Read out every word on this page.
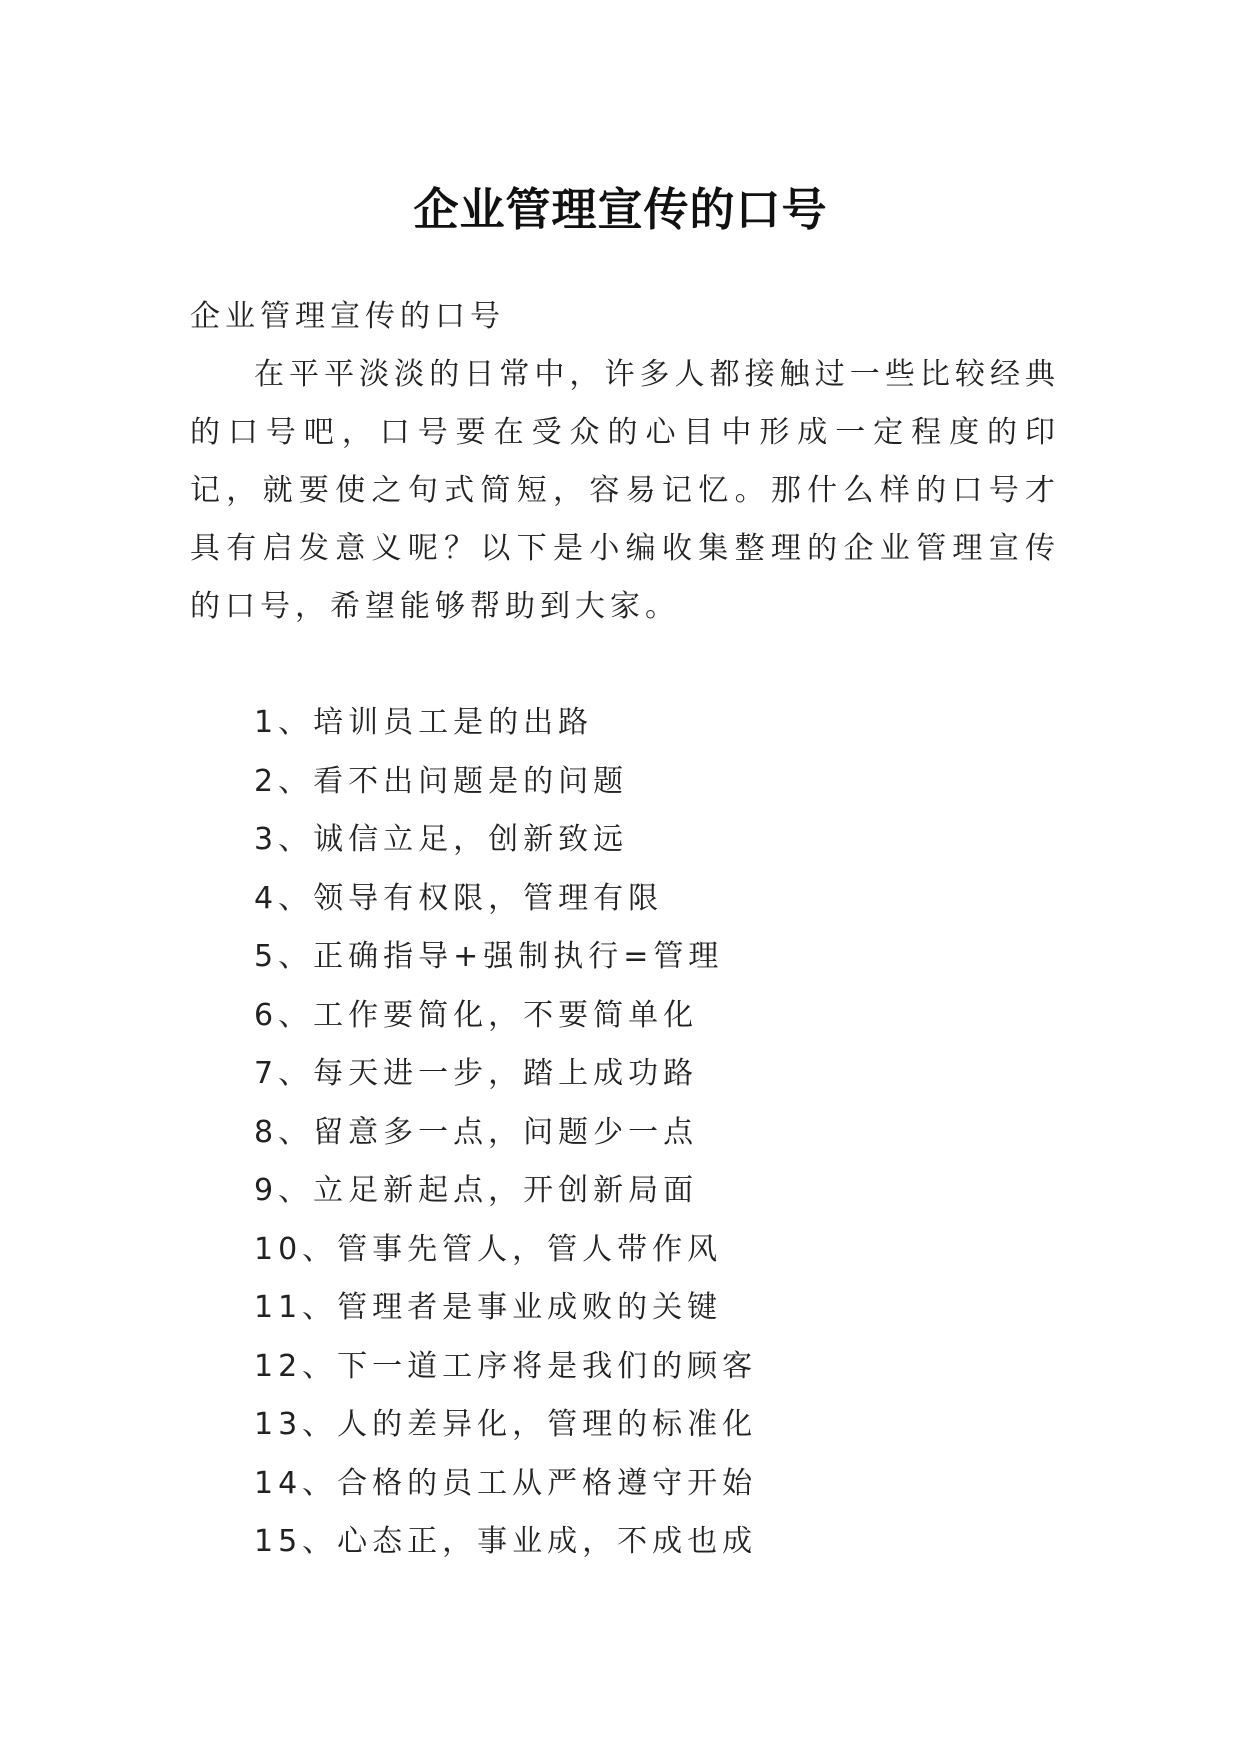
企业管理宣传的口号

企业管理宣传的口号

在平平淡淡的日常中，许多人都接触过一些比较经典的口号吧，口号要在受众的心目中形成一定程度的印记，就要使之句式简短，容易记忆。那什么样的口号才具有启发意义呢？以下是小编收集整理的企业管理宣传的口号，希望能够帮助到大家。

1、培训员工是的出路
2、看不出问题是的问题
3、诚信立足，创新致远
4、领导有权限，管理有限
5、正确指导+强制执行=管理
6、工作要简化，不要简单化
7、每天进一步，踏上成功路
8、留意多一点，问题少一点
9、立足新起点，开创新局面
10、管事先管人，管人带作风
11、管理者是事业成败的关键
12、下一道工序将是我们的顾客
13、人的差异化，管理的标准化
14、合格的员工从严格遵守开始
15、心态正，事业成，不成也成
